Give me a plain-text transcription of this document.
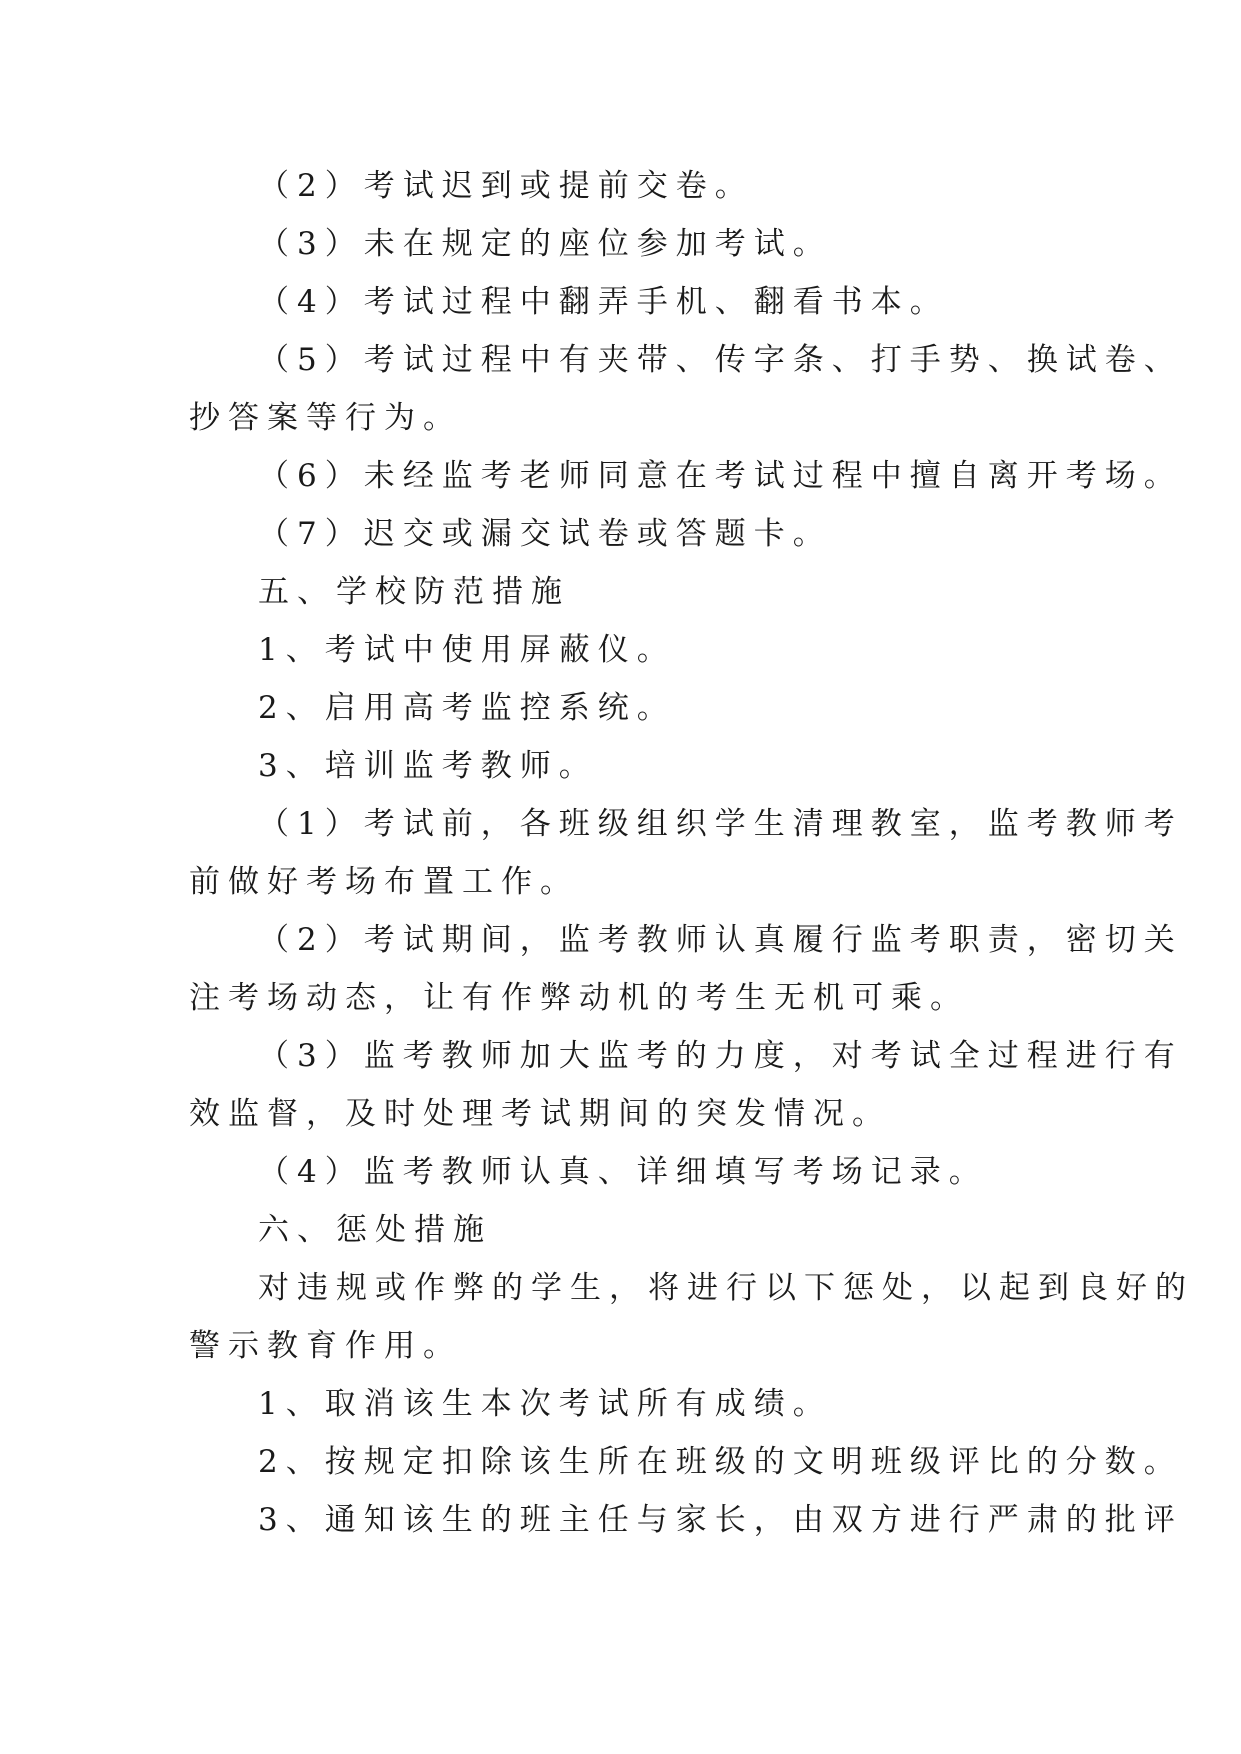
（2）考试迟到或提前交卷。
（3）未在规定的座位参加考试。
（4）考试过程中翻弄手机、翻看书本。
（5）考试过程中有夹带、传字条、打手势、换试卷、
抄答案等行为。
（6）未经监考老师同意在考试过程中擅自离开考场。
（7）迟交或漏交试卷或答题卡。
五、学校防范措施
1、考试中使用屏蔽仪。
2、启用高考监控系统。
3、培训监考教师。
（1）考试前，各班级组织学生清理教室，监考教师考
前做好考场布置工作。
（2）考试期间，监考教师认真履行监考职责，密切关
注考场动态，让有作弊动机的考生无机可乘。
（3）监考教师加大监考的力度，对考试全过程进行有
效监督，及时处理考试期间的突发情况。
（4）监考教师认真、详细填写考场记录。
六、惩处措施
对违规或作弊的学生，将进行以下惩处，以起到良好的
警示教育作用。
1、取消该生本次考试所有成绩。
2、按规定扣除该生所在班级的文明班级评比的分数。
3、通知该生的班主任与家长，由双方进行严肃的批评
